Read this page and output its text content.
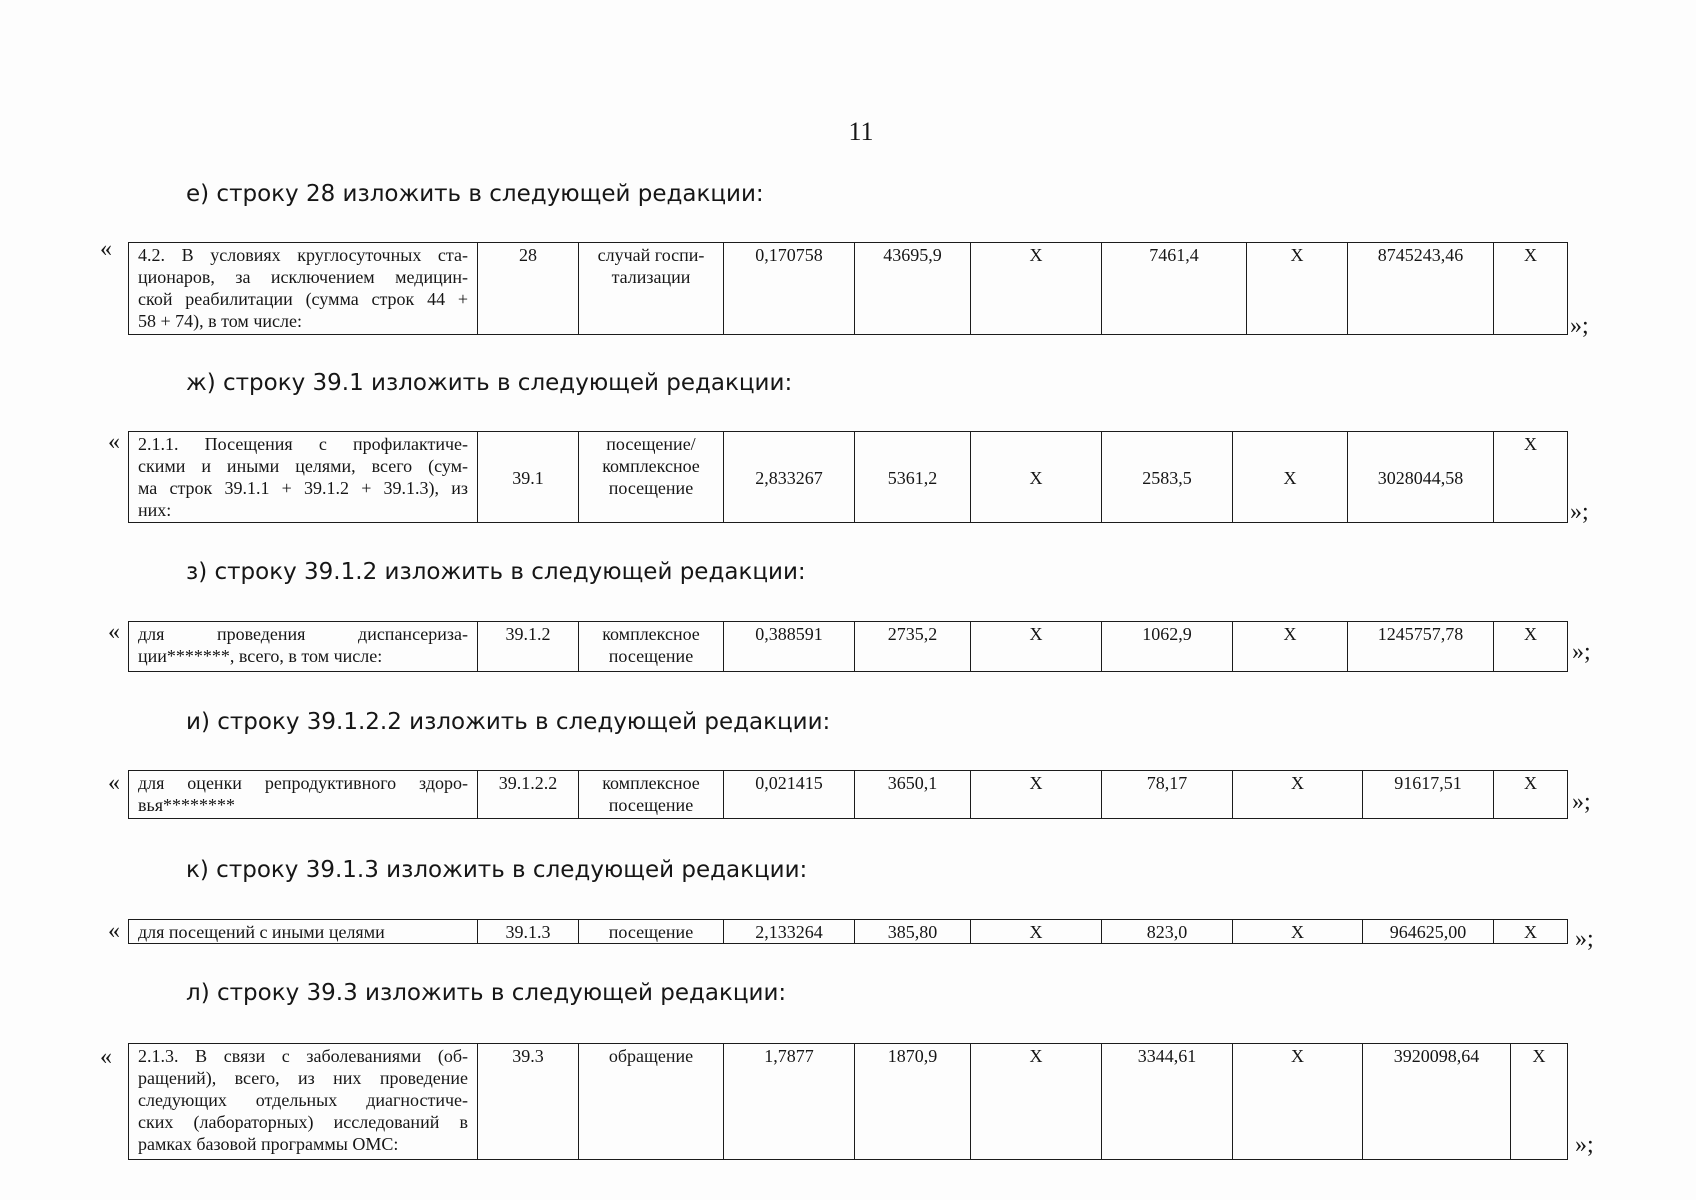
11
е) строку 28 изложить в следующей редакции:
« 4.2. В условиях круглосуточных ста-
ционаров, за исключением медицин-
ской реабилитации (сумма строк 44 +
58 + 74), в том числе:
	28	случай госпи-
тализации
	0,170758	43695,9	Х	7461,4	Х	8745243,46	Х
»;
ж) строку 39.1 изложить в следующей редакции:
« 2.1.1. Посещения с профилактиче-
скими и иными целями, всего (сум-
ма строк 39.1.1 + 39.1.2 + 39.1.3), из
них:
	39.1	
посещение/
комплексное
посещение
	2,833267	5361,2	Х	2583,5	Х	3028044,58	Х
»;
з) строку 39.1.2 изложить в следующей редакции:
« для проведения диспансериза-
ции*******, всего, в том числе:
	39.1.2	комплексное
посещение
	0,388591	2735,2	Х	1062,9	Х	1245757,78	Х
»;
и) строку 39.1.2.2 изложить в следующей редакции:
« для оценки репродуктивного здоро-
вья********
	39.1.2.2	комплексное
посещение
	0,021415	3650,1	Х	78,17	Х	91617,51	Х
»;
к) строку 39.1.3 изложить в следующей редакции:
« для посещений с иными целями	39.1.3	посещение	2,133264	385,80	Х	823,0	Х	964625,00	Х »;
л) строку 39.3 изложить в следующей редакции:
« 2.1.3. В связи с заболеваниями (об-
ращений), всего, из них проведение
следующих отдельных диагностиче-
ских (лабораторных) исследований в
рамках базовой программы ОМС:
	39.3	обращение	1,7877	1870,9	Х	3344,61	Х	3920098,64	Х
»;
